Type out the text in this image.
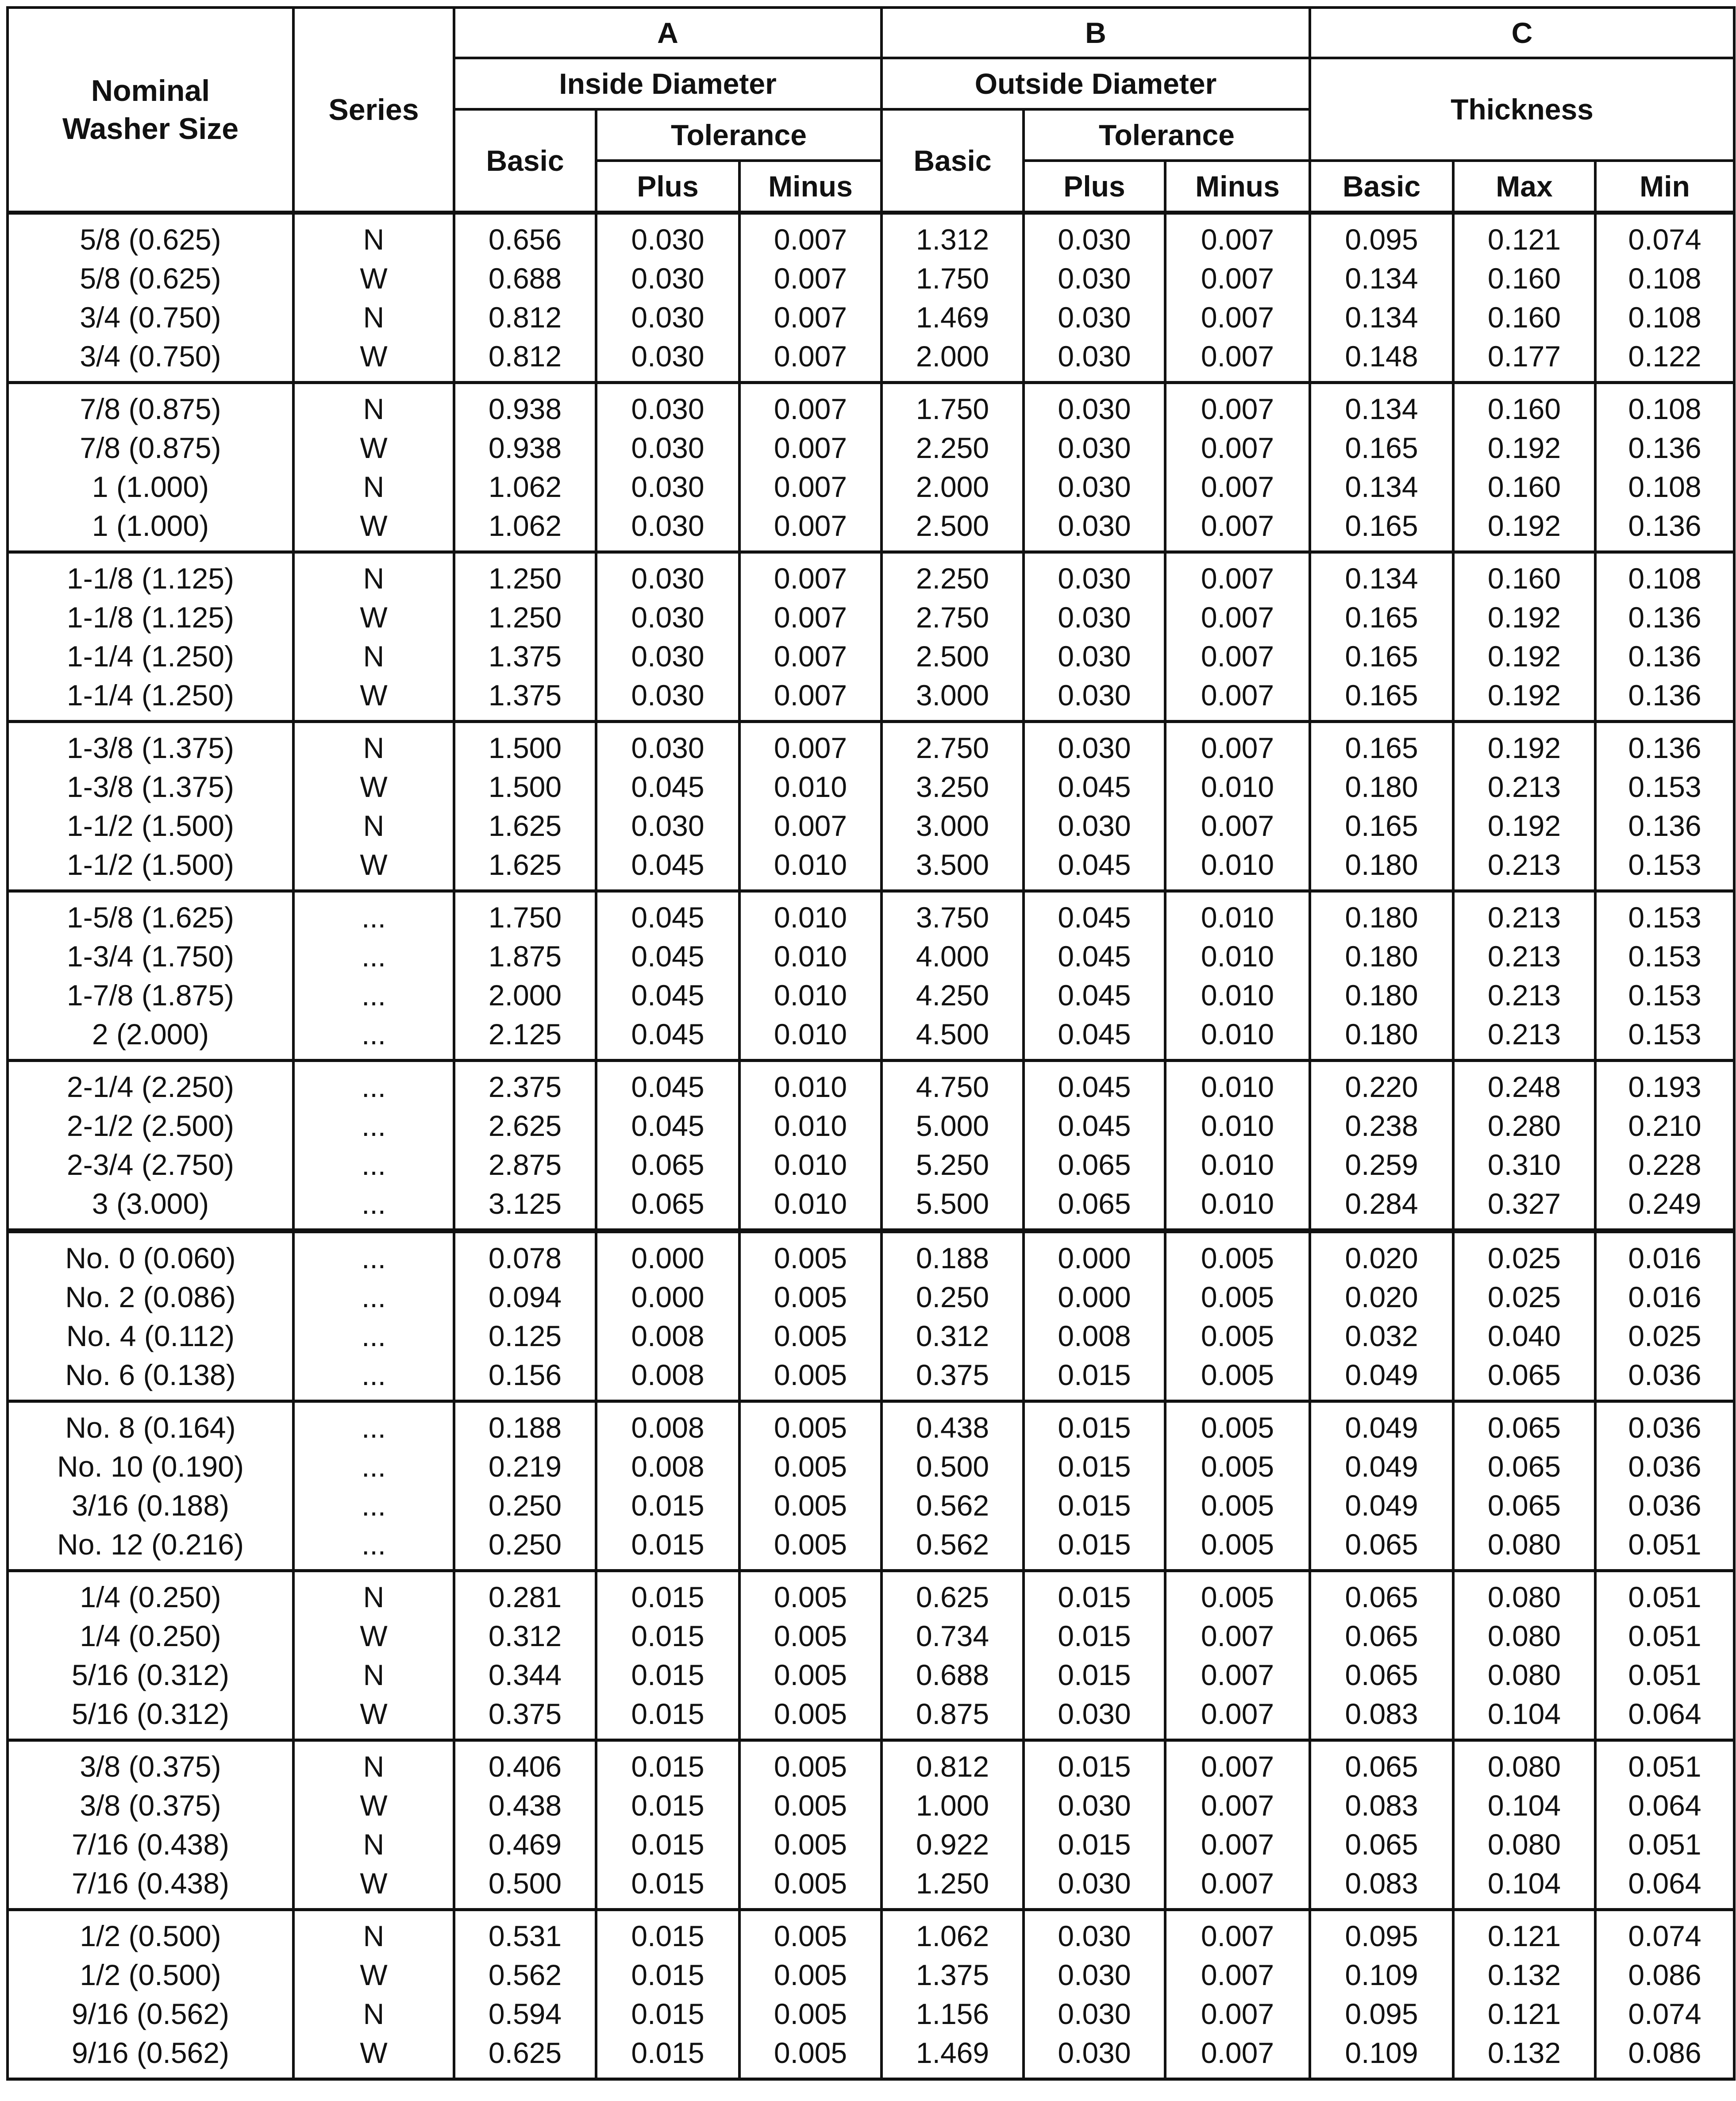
Nominal
Washer Size	Series	A			B			C		
		Inside Diameter			Outside Diameter			Thickness		
		Basic	Tolerance		Basic	Tolerance				
			Plus	Minus		Plus	Minus	Basic	Max	Min
5/8 (0.625)	N	0.656	0.030	0.007	1.312	0.030	0.007	0.095	0.121	0.074
5/8 (0.625)	W	0.688	0.030	0.007	1.750	0.030	0.007	0.134	0.160	0.108
3/4 (0.750)	N	0.812	0.030	0.007	1.469	0.030	0.007	0.134	0.160	0.108
3/4 (0.750)	W	0.812	0.030	0.007	2.000	0.030	0.007	0.148	0.177	0.122
7/8 (0.875)	N	0.938	0.030	0.007	1.750	0.030	0.007	0.134	0.160	0.108
7/8 (0.875)	W	0.938	0.030	0.007	2.250	0.030	0.007	0.165	0.192	0.136
1 (1.000)	N	1.062	0.030	0.007	2.000	0.030	0.007	0.134	0.160	0.108
1 (1.000)	W	1.062	0.030	0.007	2.500	0.030	0.007	0.165	0.192	0.136
1-1/8 (1.125)	N	1.250	0.030	0.007	2.250	0.030	0.007	0.134	0.160	0.108
1-1/8 (1.125)	W	1.250	0.030	0.007	2.750	0.030	0.007	0.165	0.192	0.136
1-1/4 (1.250)	N	1.375	0.030	0.007	2.500	0.030	0.007	0.165	0.192	0.136
1-1/4 (1.250)	W	1.375	0.030	0.007	3.000	0.030	0.007	0.165	0.192	0.136
1-3/8 (1.375)	N	1.500	0.030	0.007	2.750	0.030	0.007	0.165	0.192	0.136
1-3/8 (1.375)	W	1.500	0.045	0.010	3.250	0.045	0.010	0.180	0.213	0.153
1-1/2 (1.500)	N	1.625	0.030	0.007	3.000	0.030	0.007	0.165	0.192	0.136
1-1/2 (1.500)	W	1.625	0.045	0.010	3.500	0.045	0.010	0.180	0.213	0.153
1-5/8 (1.625)	...	1.750	0.045	0.010	3.750	0.045	0.010	0.180	0.213	0.153
1-3/4 (1.750)	...	1.875	0.045	0.010	4.000	0.045	0.010	0.180	0.213	0.153
1-7/8 (1.875)	...	2.000	0.045	0.010	4.250	0.045	0.010	0.180	0.213	0.153
2 (2.000)	...	2.125	0.045	0.010	4.500	0.045	0.010	0.180	0.213	0.153
2-1/4 (2.250)	...	2.375	0.045	0.010	4.750	0.045	0.010	0.220	0.248	0.193
2-1/2 (2.500)	...	2.625	0.045	0.010	5.000	0.045	0.010	0.238	0.280	0.210
2-3/4 (2.750)	...	2.875	0.065	0.010	5.250	0.065	0.010	0.259	0.310	0.228
3 (3.000)	...	3.125	0.065	0.010	5.500	0.065	0.010	0.284	0.327	0.249
No. 0 (0.060)	...	0.078	0.000	0.005	0.188	0.000	0.005	0.020	0.025	0.016
No. 2 (0.086)	...	0.094	0.000	0.005	0.250	0.000	0.005	0.020	0.025	0.016
No. 4 (0.112)	...	0.125	0.008	0.005	0.312	0.008	0.005	0.032	0.040	0.025
No. 6 (0.138)	...	0.156	0.008	0.005	0.375	0.015	0.005	0.049	0.065	0.036
No. 8 (0.164)	...	0.188	0.008	0.005	0.438	0.015	0.005	0.049	0.065	0.036
No. 10 (0.190)	...	0.219	0.008	0.005	0.500	0.015	0.005	0.049	0.065	0.036
3/16 (0.188)	...	0.250	0.015	0.005	0.562	0.015	0.005	0.049	0.065	0.036
No. 12 (0.216)	...	0.250	0.015	0.005	0.562	0.015	0.005	0.065	0.080	0.051
1/4 (0.250)	N	0.281	0.015	0.005	0.625	0.015	0.005	0.065	0.080	0.051
1/4 (0.250)	W	0.312	0.015	0.005	0.734	0.015	0.007	0.065	0.080	0.051
5/16 (0.312)	N	0.344	0.015	0.005	0.688	0.015	0.007	0.065	0.080	0.051
5/16 (0.312)	W	0.375	0.015	0.005	0.875	0.030	0.007	0.083	0.104	0.064
3/8 (0.375)	N	0.406	0.015	0.005	0.812	0.015	0.007	0.065	0.080	0.051
3/8 (0.375)	W	0.438	0.015	0.005	1.000	0.030	0.007	0.083	0.104	0.064
7/16 (0.438)	N	0.469	0.015	0.005	0.922	0.015	0.007	0.065	0.080	0.051
7/16 (0.438)	W	0.500	0.015	0.005	1.250	0.030	0.007	0.083	0.104	0.064
1/2 (0.500)	N	0.531	0.015	0.005	1.062	0.030	0.007	0.095	0.121	0.074
1/2 (0.500)	W	0.562	0.015	0.005	1.375	0.030	0.007	0.109	0.132	0.086
9/16 (0.562)	N	0.594	0.015	0.005	1.156	0.030	0.007	0.095	0.121	0.074
9/16 (0.562)	W	0.625	0.015	0.005	1.469	0.030	0.007	0.109	0.132	0.086
